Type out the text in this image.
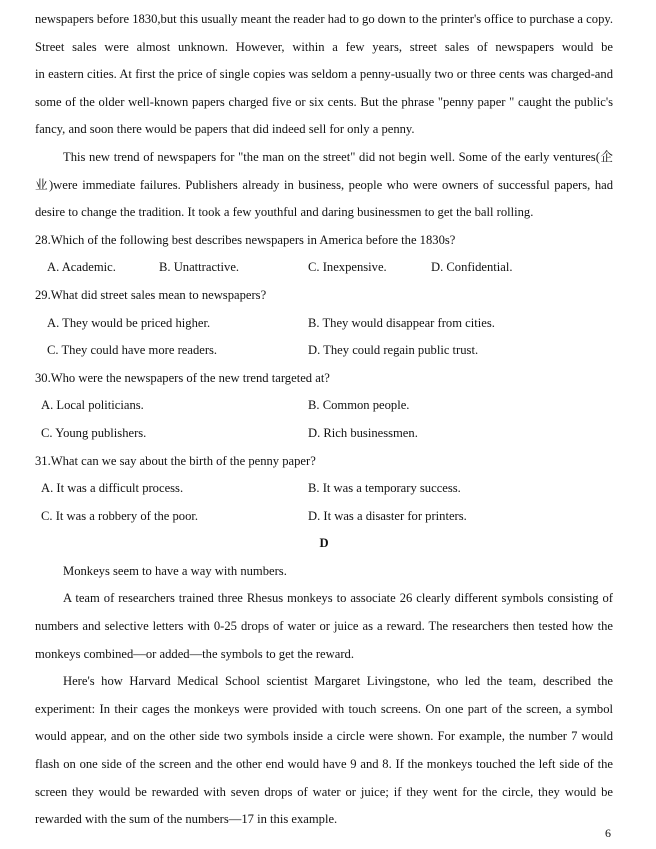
newspapers before 1830,but this usually meant the reader had to go down to the printer's office to purchase a copy.
Street sales were almost unknown. However, within a few years, street sales of newspapers would be
in eastern cities. At first the price of single copies was seldom a penny-usually two or three cents was charged-and
some of the older well-known papers charged five or six cents. But the phrase "penny paper " caught the public's
fancy, and soon there would be papers that did indeed sell for only a penny.
This new trend of newspapers for "the man on the street" did not begin well. Some of the early ventures(企
业)were immediate failures. Publishers already in business, people who were owners of successful papers, had
desire to change the tradition. It took a few youthful and daring businessmen to get the ball rolling.
28.Which of the following best describes newspapers in America before the 1830s?
A. Academic.	B. Unattractive.	C. Inexpensive.	D. Confidential.
29.What did street sales mean to newspapers?
A. They would be priced higher.	B. They would disappear from cities.
C. They could have more readers.	D. They could regain public trust.
30.Who were the newspapers of the new trend targeted at?
A. Local politicians.	B. Common people.
C. Young publishers.	D. Rich businessmen.
31.What can we say about the birth of the penny paper?
A. It was a difficult process.	B. It was a temporary success.
C. It was a robbery of the poor.	D. It was a disaster for printers.
D
Monkeys seem to have a way with numbers.
A team of researchers trained three Rhesus monkeys to associate 26 clearly different symbols consisting of
numbers and selective letters with 0-25 drops of water or juice as a reward. The researchers then tested how the
monkeys combined—or added—the symbols to get the reward.
Here's how Harvard Medical School scientist Margaret Livingstone, who led the team, described the
experiment: In their cages the monkeys were provided with touch screens. On one part of the screen, a symbol
would appear, and on the other side two symbols inside a circle were shown. For example, the number 7 would
flash on one side of the screen and the other end would have 9 and 8. If the monkeys touched the left side of the
screen they would be rewarded with seven drops of water or juice; if they went for the circle, they would be
rewarded with the sum of the numbers—17 in this example.
6
